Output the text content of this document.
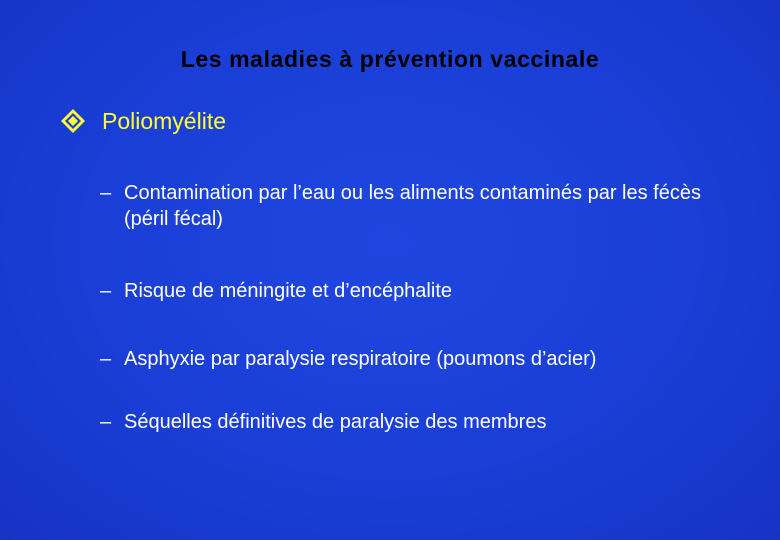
Les maladies à prévention vaccinale
Poliomyélite
– Contamination par l’eau ou les aliments contaminés par les fécès (péril fécal)
– Risque de méningite et d’encéphalite
– Asphyxie par paralysie respiratoire (poumons d’acier)
– Séquelles définitives de paralysie des membres
